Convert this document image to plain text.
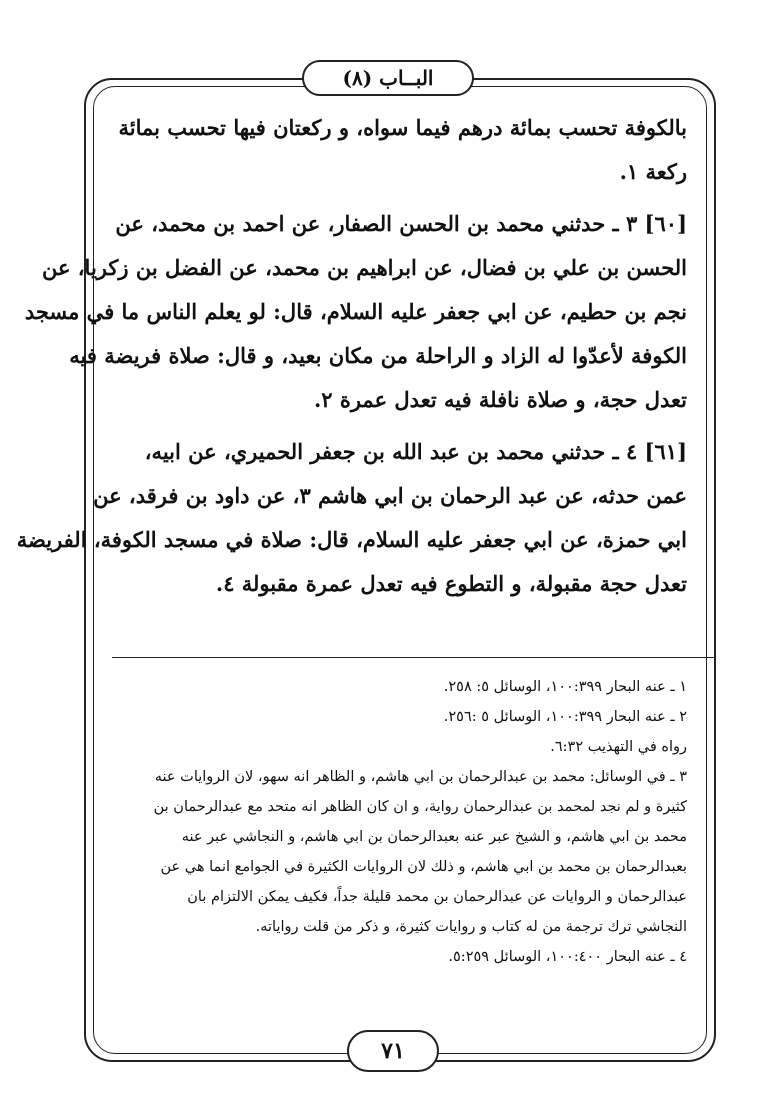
البــاب (٨)
بالكوفة تحسب بمائة درهم فيما سواه، و ركعتان فيها تحسب بمائة
ركعة ١.
[٦٠] ٣ ـ حدثني محمد بن الحسن الصفار، عن احمد بن محمد، عن
الحسن بن علي بن فضال، عن ابراهيم بن محمد، عن الفضل بن زكريا، عن
نجم بن حطيم، عن ابي جعفر عليه السلام، قال: لو يعلم الناس ما في مسجد
الكوفة لأعدّوا له الزاد و الراحلة من مكان بعيد، و قال: صلاة فريضة فيه
تعدل حجة، و صلاة نافلة فيه تعدل عمرة ٢.
[٦١] ٤ ـ حدثني محمد بن عبد الله بن جعفر الحميري، عن ابيه،
عمن حدثه، عن عبد الرحمان بن ابي هاشم ٣، عن داود بن فرقد، عن
ابي حمزة، عن ابي جعفر عليه السلام، قال: صلاة في مسجد الكوفة، الفريضة
تعدل حجة مقبولة، و التطوع فيه تعدل عمرة مقبولة ٤.
١ ـ عنه البحار ١٠٠:٣٩٩، الوسائل ٥: ٢٥٨.
٢ ـ عنه البحار ١٠٠:٣٩٩، الوسائل ٥ :٢٥٦.
رواه في التهذيب ٦:٣٢.
٣ ـ في الوسائل: محمد بن عبدالرحمان بن ابي هاشم، و الظاهر انه سهو، لان الروايات عنه
كثيرة و لم نجد لمحمد بن عبدالرحمان رواية، و ان كان الظاهر انه متحد مع عبدالرحمان بن
محمد بن ابي هاشم، و الشيخ عبر عنه بعبدالرحمان بن ابي هاشم، و النجاشي عبر عنه
بعبدالرحمان بن محمد بن ابي هاشم، و ذلك لان الروايات الكثيرة في الجوامع انما هي عن
عبدالرحمان و الروايات عن عبدالرحمان بن محمد قليلة جداً، فكيف يمكن الالتزام بان
النجاشي ترك ترجمة من له كتاب و روايات كثيرة، و ذكر من قلت رواياته.
٤ ـ عنه البحار ١٠٠:٤٠٠، الوسائل ٥:٢٥٩.
٧١
